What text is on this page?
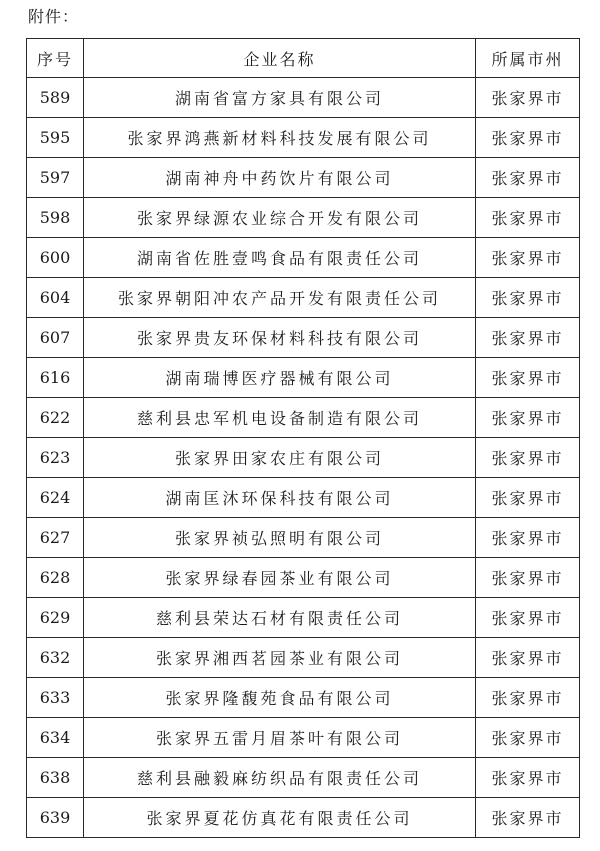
附件：
序号	企业名称	所属市州
589	湖南省富方家具有限公司	张家界市
595	张家界鸿燕新材料科技发展有限公司	张家界市
597	湖南神舟中药饮片有限公司	张家界市
598	张家界绿源农业综合开发有限公司	张家界市
600	湖南省佐胜壹鸣食品有限责任公司	张家界市
604	张家界朝阳冲农产品开发有限责任公司	张家界市
607	张家界贵友环保材料科技有限公司	张家界市
616	湖南瑞博医疗器械有限公司	张家界市
622	慈利县忠军机电设备制造有限公司	张家界市
623	张家界田家农庄有限公司	张家界市
624	湖南匡沐环保科技有限公司	张家界市
627	张家界祯弘照明有限公司	张家界市
628	张家界绿春园茶业有限公司	张家界市
629	慈利县荣达石材有限责任公司	张家界市
632	张家界湘西茗园茶业有限公司	张家界市
633	张家界隆馥苑食品有限公司	张家界市
634	张家界五雷月眉茶叶有限公司	张家界市
638	慈利县融毅麻纺织品有限责任公司	张家界市
639	张家界夏花仿真花有限责任公司	张家界市
